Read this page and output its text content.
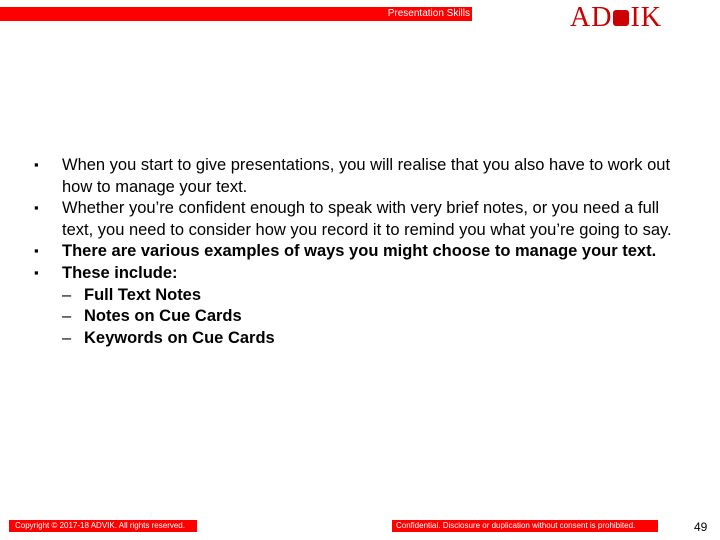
Presentation Skills	AD IK
▪ When you start to give presentations, you will realise that you also have to work out how to manage your text.
▪ Whether you’re confident enough to speak with very brief notes, or you need a full text, you need to consider how you record it to remind you what you’re going to say.
▪ There are various examples of ways you might choose to manage your text.
▪ These include:
– Full Text Notes
– Notes on Cue Cards
– Keywords on Cue Cards
Copyright © 2017-18 ADVIK. All rights reserved.	Confidential. Disclosure or duplication without consent is prohibited.	49
